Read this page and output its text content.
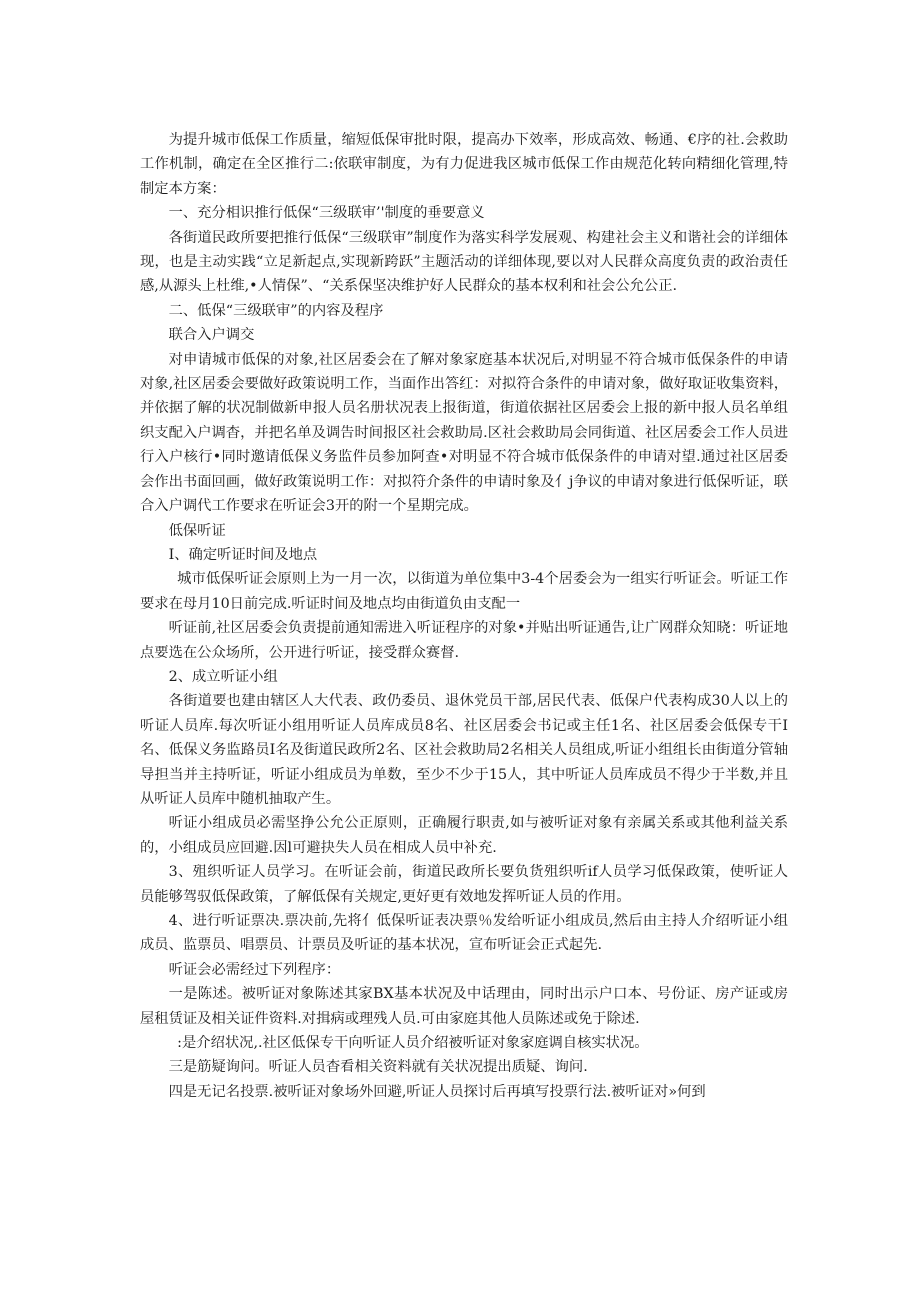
为提升城市低保工作质量，缩短低保审批时限，提高办下效率，形成高效、畅通、€序的社.会救助工作机制，确定在全区推行二:依联审制度，为有力促进我区城市低保工作由规范化转向精细化管理,特制定本方案：

一、充分相识推行低保“三级联审’'制度的垂要意义

各街道民政所要把推行低保“三级联审”制度作为落实科学发展观、构建社会主义和谐社会的详细体现，也是主动实践“立足新起点,实现新跨跃”主题活动的详细体现,要以对人民群众高度负责的政治责任感,从源头上杜维,•人情保”、“关系保坚决维护好人民群众的基本权利和社会公允公正.

二、低保“三级联审”的内容及程序

联合入户调交

对申请城市低保的对象,社区居委会在了解对象家庭基本状况后,对明显不符合城市低保条件的申请对象,社区居委会要做好政策说明工作，当面作出答红：对拟符合条件的申请对象，做好取证收集资料，并依据了解的状况制做新申报人员名册状况表上报街道，街道依据社区居委会上报的新中报人员名单组织支配入户调杳，并把名单及调告时间报区社会救助局.区社会救助局会同街道、社区居委会工作人员进行入户核行•同时邀请低保义务监件员参加阿查•对明显不符合城市低保条件的申请对望.通过社区居委会作出书面回画，做好政策说明工作：对拟符介条件的申请时象及亻j争议的申请对象进行低保听证，联合入户调代工作要求在听证会3开的附一个星期完成。

低保听证

I、确定听证时间及地点

城市低保听证会原则上为一月一次，以街道为单位集中3-4个居委会为一组实行听证会。听证工作要求在母月10日前完成.听证时间及地点均由街道负由支配一

听证前,社区居委会负责提前通知需进入听证程序的对象•并贴出听证通告,让广网群众知晓：听证地点要选在公众场所，公开进行听证，接受群众赛督.

2、成立听证小组

各街道要也建由辖区人大代表、政仍委员、退休党员干部,居民代表、低保户代表构成30人以上的听证人员库.每次听证小组用听证人员库成员8名、社区居委会书记或主任1名、社区居委会低保专干I名、低保义务监路员I名及街道民政所2名、区社会救助局2名相关人员组成,听证小组组长由街道分管轴导担当并主持听证，听证小组成员为单数，至少不少于15人，其中听证人员库成员不得少于半数,并且从听证人员库中随机抽取产生。

听证小组成员必需坚挣公允公正原则，正确履行职责,如与被听证对象有亲属关系或其他利益关系的，小组成员应回避.因l可避抉失人员在相成人员中补充.

3、殂织听证人员学习。在听证会前，街道民政所长要负货殂织听if人员学习低保政策，使听证人员能够驾驭低保政策，了解低保有关规定,更好更有效地发挥听证人员的作用。

4、进行听证票决.票决前,先将亻低保听证表决票％发给听证小组成员,然后由主持人介绍听证小组成员、监票员、唱票员、计票员及听证的基本状况，宣布听证会正式起先.

听证会必需经过下列程序：

一是陈述。被听证对象陈述其家BX基本状况及中话理由，同时出示户口本、号份证、房产证或房屋租赁证及相关证件资料.对揖病或理残人员.可由家庭其他人员陈述或免于除述.

:是介绍状况,.社区低保专干向听证人员介绍被听证对象家庭调自核实状况。

三是筋疑询问。听证人员杳看相关资料就有关状况提出质疑、询问.

四是无记名投票.被听证对象场外回避,听证人员探讨后再填写投票行法.被听证对»何到
